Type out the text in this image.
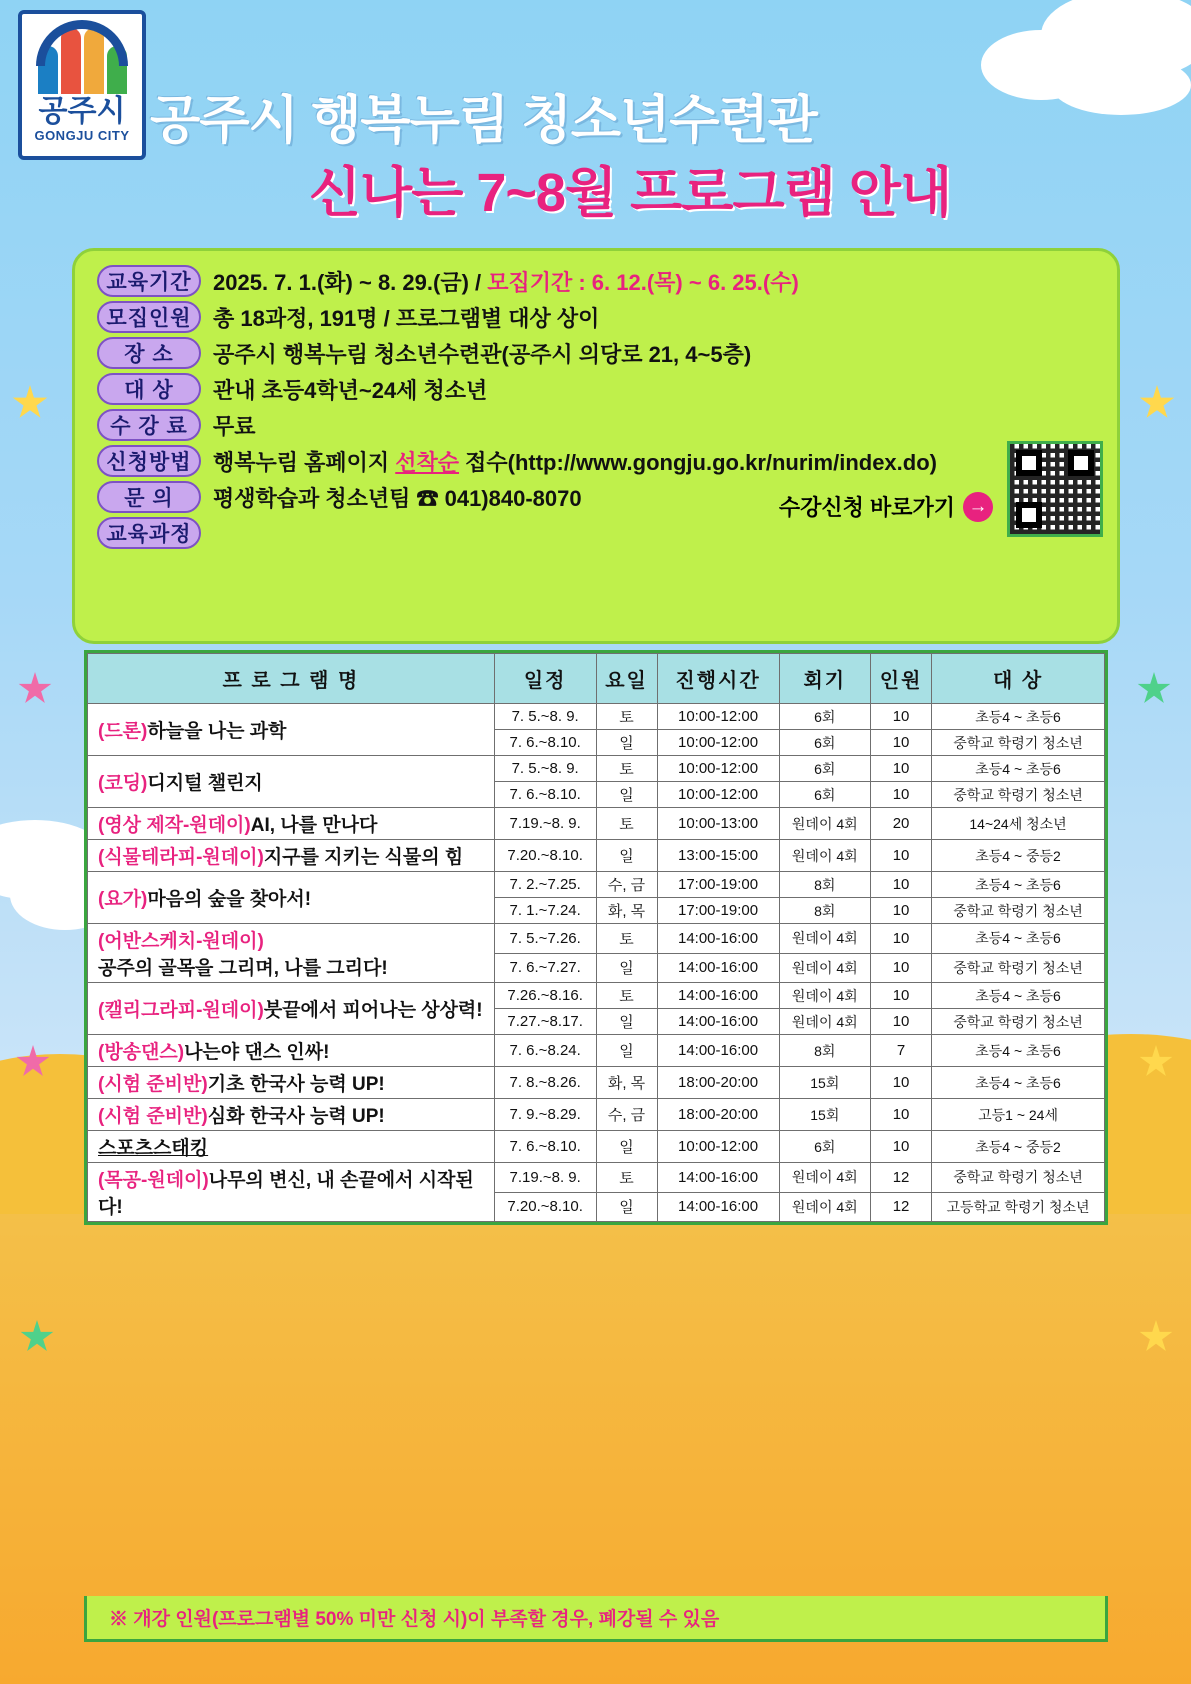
공주시
GONGJU CITY 공주시 행복누림 청소년수련관
신나는 7~8월 프로그램 안내
교육기간 2025. 7. 1.(화) ~ 8. 29.(금) / 모집기간 : 6. 12.(목) ~ 6. 25.(수)
모집인원 총 18과정, 191명 / 프로그램별 대상 상이
장 소	공주시 행복누림 청소년수련관(공주시 의당로 21, 4~5층)
대 상	관내 초등4학년~24세 청소년
수 강 료	무료
신청방법 행복누림 홈페이지 선착순 접수(http://www.gongju.go.kr/nurim/index.do)
문 의	평생학습과 청소년팀 ☎ 041)840-8070
교육과정
수강신청 바로가기 →
프 로 그 램 명	일정	요일	진행시간	회기	인원	대 상
(드론)하늘을 나는 과학	7. 5.~8. 9.	토	10:00-12:00	6회	10	초등4 ~ 초등6
	7. 6.~8.10.	일	10:00-12:00	6회	10	중학교 학령기 청소년
(코딩)디지털 챌린지	7. 5.~8. 9.	토	10:00-12:00	6회	10	초등4 ~ 초등6
	7. 6.~8.10.	일	10:00-12:00	6회	10	중학교 학령기 청소년
(영상 제작-원데이)AI, 나를 만나다	7.19.~8. 9.	토	10:00-13:00	원데이 4회	20	14~24세 청소년
(식물테라피-원데이)지구를 지키는 식물의 힘	7.20.~8.10.	일	13:00-15:00	원데이 4회	10	초등4 ~ 중등2
(요가)마음의 숲을 찾아서!	7. 2.~7.25.	수, 금	17:00-19:00	8회	10	초등4 ~ 초등6
	7. 1.~7.24.	화, 목	17:00-19:00	8회	10	중학교 학령기 청소년
(어반스케치-원데이)
공주의 골목을 그리며, 나를 그리다!	7. 5.~7.26.	토	14:00-16:00	원데이 4회	10	초등4 ~ 초등6
	7. 6.~7.27.	일	14:00-16:00	원데이 4회	10	중학교 학령기 청소년
(캘리그라피-원데이)붓끝에서 피어나는 상상력!	7.26.~8.16.	토	14:00-16:00	원데이 4회	10	초등4 ~ 초등6
	7.27.~8.17.	일	14:00-16:00	원데이 4회	10	중학교 학령기 청소년
(방송댄스)나는야 댄스 인싸!	7. 6.~8.24.	일	14:00-16:00	8회	7	초등4 ~ 초등6
(시험 준비반)기초 한국사 능력 UP!	7. 8.~8.26.	화, 목	18:00-20:00	15회	10	초등4 ~ 초등6
(시험 준비반)심화 한국사 능력 UP!	7. 9.~8.29.	수, 금	18:00-20:00	15회	10	고등1 ~ 24세
스포츠스태킹	7. 6.~8.10.	일	10:00-12:00	6회	10	초등4 ~ 중등2
(목공-원데이)나무의 변신, 내 손끝에서 시작된다!	7.19.~8. 9.	토	14:00-16:00	원데이 4회	12	중학교 학령기 청소년
	7.20.~8.10.	일	14:00-16:00	원데이 4회	12	고등학교 학령기 청소년
※ 개강 인원(프로그램별 50% 미만 신청 시)이 부족할 경우, 폐강될 수 있음
